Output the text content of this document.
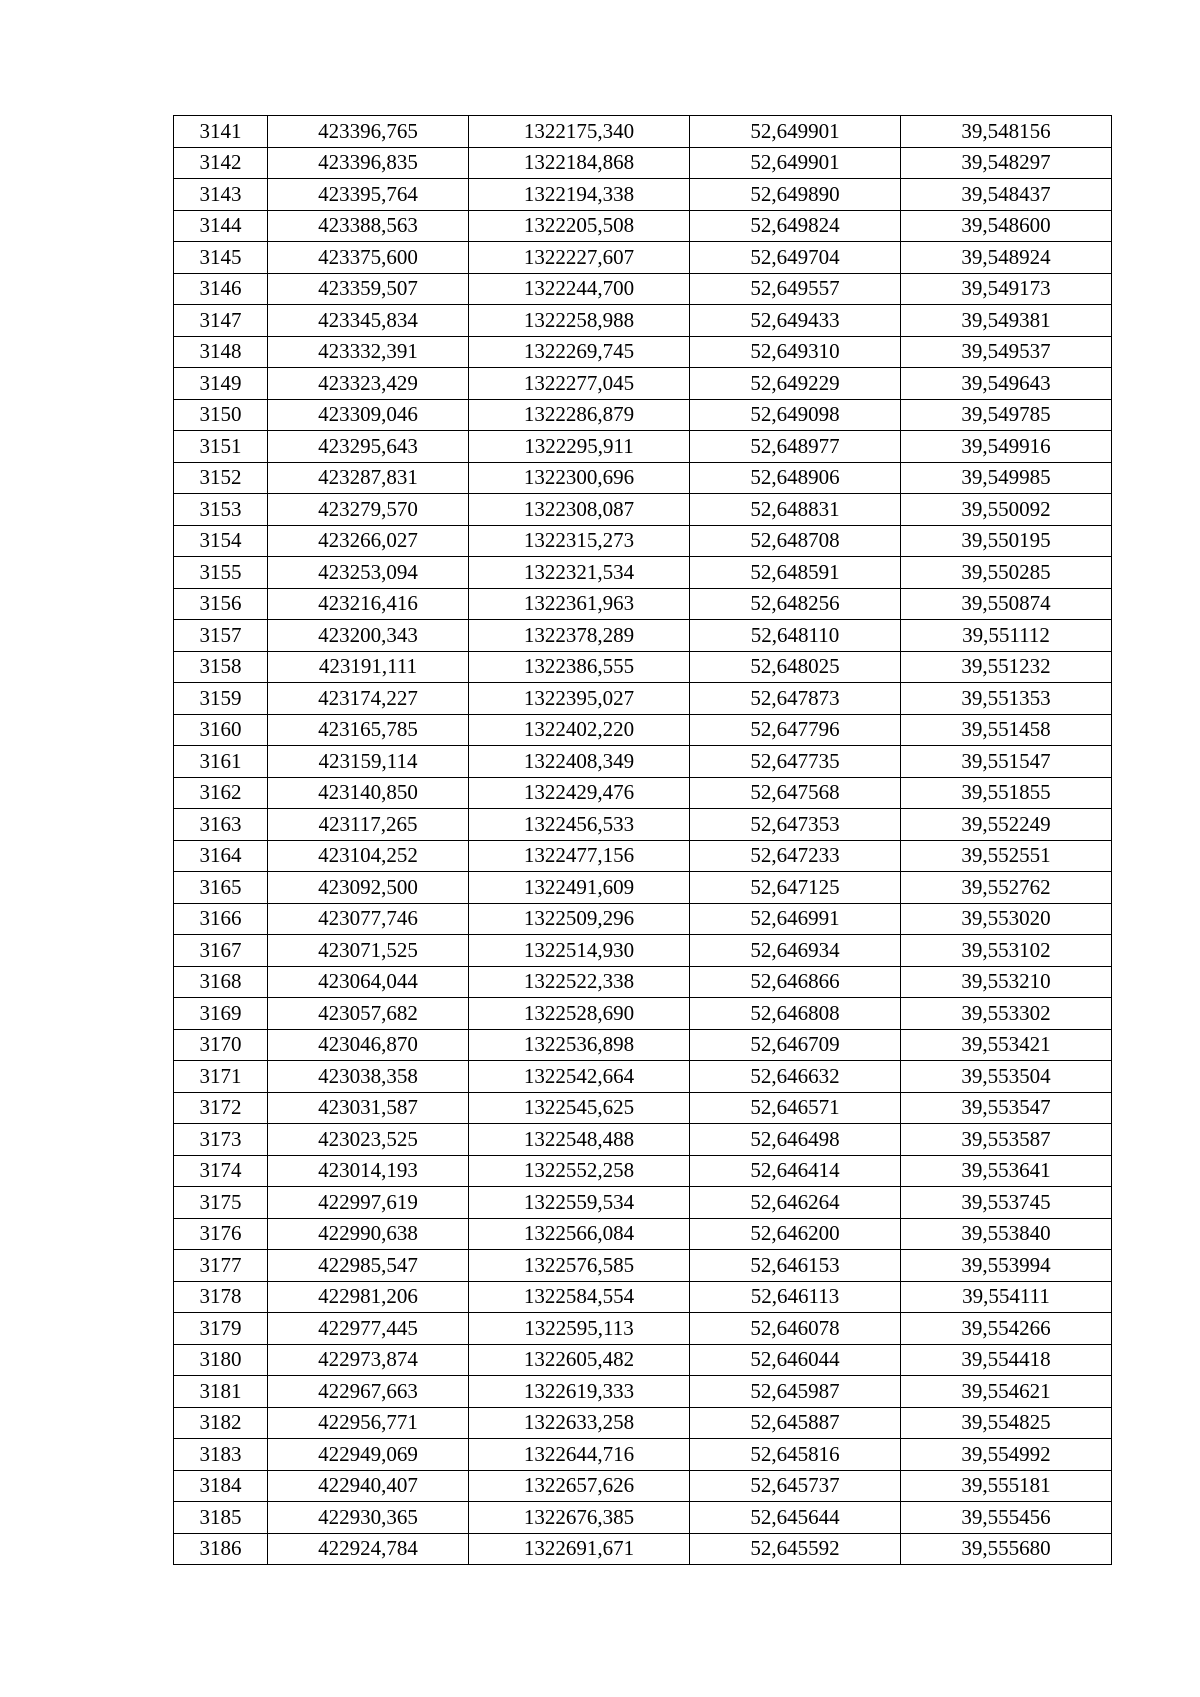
3141	423396,765	1322175,340	52,649901	39,548156
3142	423396,835	1322184,868	52,649901	39,548297
3143	423395,764	1322194,338	52,649890	39,548437
3144	423388,563	1322205,508	52,649824	39,548600
3145	423375,600	1322227,607	52,649704	39,548924
3146	423359,507	1322244,700	52,649557	39,549173
3147	423345,834	1322258,988	52,649433	39,549381
3148	423332,391	1322269,745	52,649310	39,549537
3149	423323,429	1322277,045	52,649229	39,549643
3150	423309,046	1322286,879	52,649098	39,549785
3151	423295,643	1322295,911	52,648977	39,549916
3152	423287,831	1322300,696	52,648906	39,549985
3153	423279,570	1322308,087	52,648831	39,550092
3154	423266,027	1322315,273	52,648708	39,550195
3155	423253,094	1322321,534	52,648591	39,550285
3156	423216,416	1322361,963	52,648256	39,550874
3157	423200,343	1322378,289	52,648110	39,551112
3158	423191,111	1322386,555	52,648025	39,551232
3159	423174,227	1322395,027	52,647873	39,551353
3160	423165,785	1322402,220	52,647796	39,551458
3161	423159,114	1322408,349	52,647735	39,551547
3162	423140,850	1322429,476	52,647568	39,551855
3163	423117,265	1322456,533	52,647353	39,552249
3164	423104,252	1322477,156	52,647233	39,552551
3165	423092,500	1322491,609	52,647125	39,552762
3166	423077,746	1322509,296	52,646991	39,553020
3167	423071,525	1322514,930	52,646934	39,553102
3168	423064,044	1322522,338	52,646866	39,553210
3169	423057,682	1322528,690	52,646808	39,553302
3170	423046,870	1322536,898	52,646709	39,553421
3171	423038,358	1322542,664	52,646632	39,553504
3172	423031,587	1322545,625	52,646571	39,553547
3173	423023,525	1322548,488	52,646498	39,553587
3174	423014,193	1322552,258	52,646414	39,553641
3175	422997,619	1322559,534	52,646264	39,553745
3176	422990,638	1322566,084	52,646200	39,553840
3177	422985,547	1322576,585	52,646153	39,553994
3178	422981,206	1322584,554	52,646113	39,554111
3179	422977,445	1322595,113	52,646078	39,554266
3180	422973,874	1322605,482	52,646044	39,554418
3181	422967,663	1322619,333	52,645987	39,554621
3182	422956,771	1322633,258	52,645887	39,554825
3183	422949,069	1322644,716	52,645816	39,554992
3184	422940,407	1322657,626	52,645737	39,555181
3185	422930,365	1322676,385	52,645644	39,555456
3186	422924,784	1322691,671	52,645592	39,555680
